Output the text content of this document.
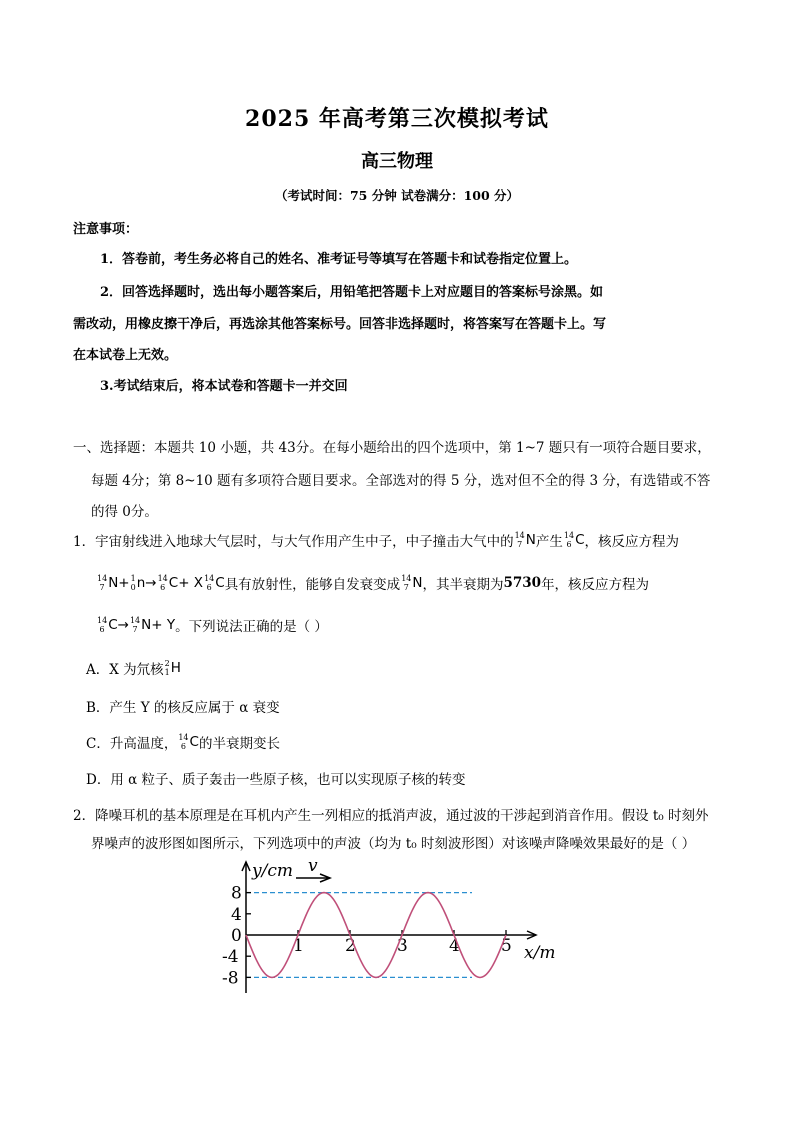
2025 年高考第三次模拟考试
高三物理
（考试时间：75 分钟 试卷满分：100 分）
注意事项：
1．答卷前，考生务必将自己的姓名、准考证号等填写在答题卡和试卷指定位置上。
2．回答选择题时，选出每小题答案后，用铅笔把答题卡上对应题目的答案标号涂黑。如
需改动，用橡皮擦干净后，再选涂其他答案标号。回答非选择题时，将答案写在答题卡上。写
在本试卷上无效。
3.考试结束后，将本试卷和答题卡一并交回
一、选择题：本题共 10 小题，共 43分。在每小题给出的四个选项中，第 1~7 题只有一项符合题目要求，
每题 4分；第 8~10 题有多项符合题目要求。全部选对的得 5 分，选对但不全的得 3 分，有选错或不答
的得 0分。
1．宇宙射线进入地球大气层时，与大气作用产生中子，中子撞击大气中的 14
7 N 产生 14
6 C ，核反应方程为
14
7 N + 1
0 n → 14
6 C + X 14
6 C 具有放射性，能够自发衰变成 14
7 N ，其半衰期为 5730 年，核反应方程为
14
6 C → 14
7 N + Y 。下列说法正确的是（ ）
A． X 为氘核 2
1 H
B．产生 Y 的核反应属于 α 衰变
C． 升高温度， 14
6 C 的半衰期变长
D．用 α 粒子、质子轰击一些原子核，也可以实现原子核的转变
2．降噪耳机的基本原理是在耳机内产生一列相应的抵消声波，通过波的干涉起到消音作用。假设 t₀ 时刻外
界噪声的波形图如图所示，下列选项中的声波（均为 t₀ 时刻波形图）对该噪声降噪效果最好的是（ ）
1 2 3 4 5
8
4
0
-4
-8
y/cm
x/m
v
